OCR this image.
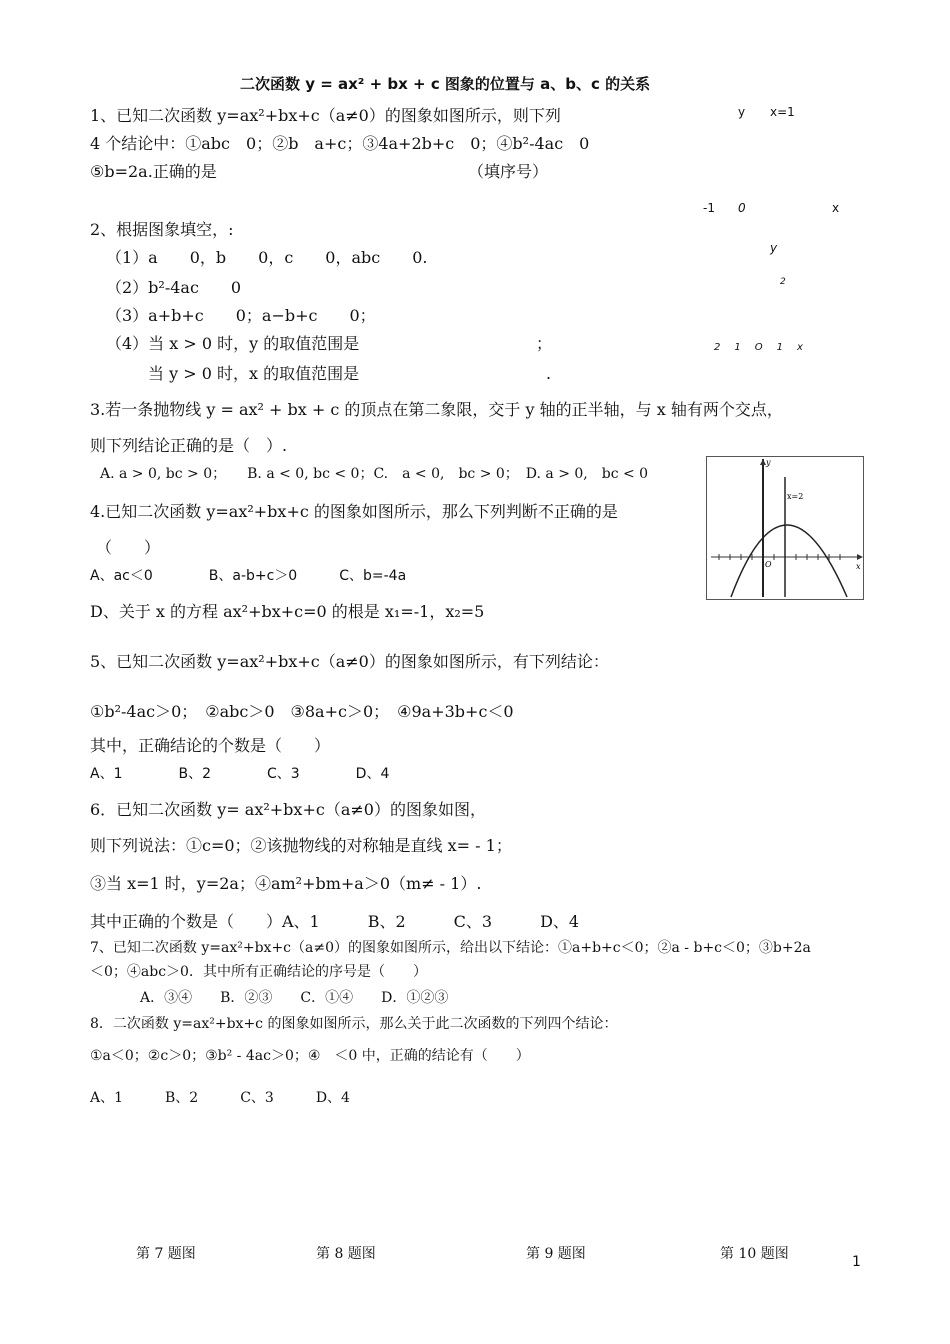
二次函数 y = ax² + bx + c 图象的位置与 a、b、c 的关系
1、已知二次函数 y=ax²+bx+c（a≠0）的图象如图所示，则下列
4 个结论中：①abc　0；②b　a+c；③4a+2b+c　0；④b²-4ac　0
⑤b=2a.正确的是	（填序号）
y x=1
-1 0	x
2、根据图象填空，:
（1）a　　0，b　　0，c　　0，abc　　0.
（2）b²-4ac　　0
（3）a+b+c　　0；a−b+c　　0；
（4）当 x > 0 时，y 的取值范围是	；
当 y > 0 时，x 的取值范围是	.
y
2
2　1　O　1　x
3.若一条抛物线 y = ax² + bx + c 的顶点在第二象限，交于 y 轴的正半轴，与 x 轴有两个交点，
则下列结论正确的是（　）.
A. a > 0, bc > 0；　　B. a < 0, bc < 0；C.　a < 0,　bc > 0；　D. a > 0,　bc < 0
y
x=2
O	x
4.已知二次函数 y=ax²+bx+c 的图象如图所示，那么下列判断不正确的是
（　　）
A、ac＜0　　　　B、a-b+c＞0　　　C、b=-4a
D、关于 x 的方程 ax²+bx+c=0 的根是 x₁=-1，x₂=5
5、已知二次函数 y=ax²+bx+c（a≠0）的图象如图所示，有下列结论：
①b²-4ac＞0；　②abc＞0　③8a+c＞0；　④9a+3b+c＜0
其中，正确结论的个数是（　　）
A、1　　　　B、2　　　　C、3　　　　D、4
6．已知二次函数 y= ax²+bx+c（a≠0）的图象如图，
则下列说法：①c=0；②该抛物线的对称轴是直线 x= - 1；
③当 x=1 时，y=2a；④am²+bm+a＞0（m≠ - 1）.
其中正确的个数是（　　）A、1　　　B、2　　　C、3　　　D、4
7、已知二次函数 y=ax²+bx+c（a≠0）的图象如图所示，给出以下结论：①a+b+c＜0；②a - b+c＜0；③b+2a
＜0；④abc＞0．其中所有正确结论的序号是（　　）
A．③④　　B．②③　　C．①④　　D．①②③
8．二次函数 y=ax²+bx+c 的图象如图所示，那么关于此二次函数的下列四个结论：
①a＜0；②c＞0；③b² - 4ac＞0；④　＜0 中，正确的结论有（　　）
A、1　　　B、2　　　C、3　　　D、4
第 7 题图	第 8 题图	第 9 题图	第 10 题图	1
